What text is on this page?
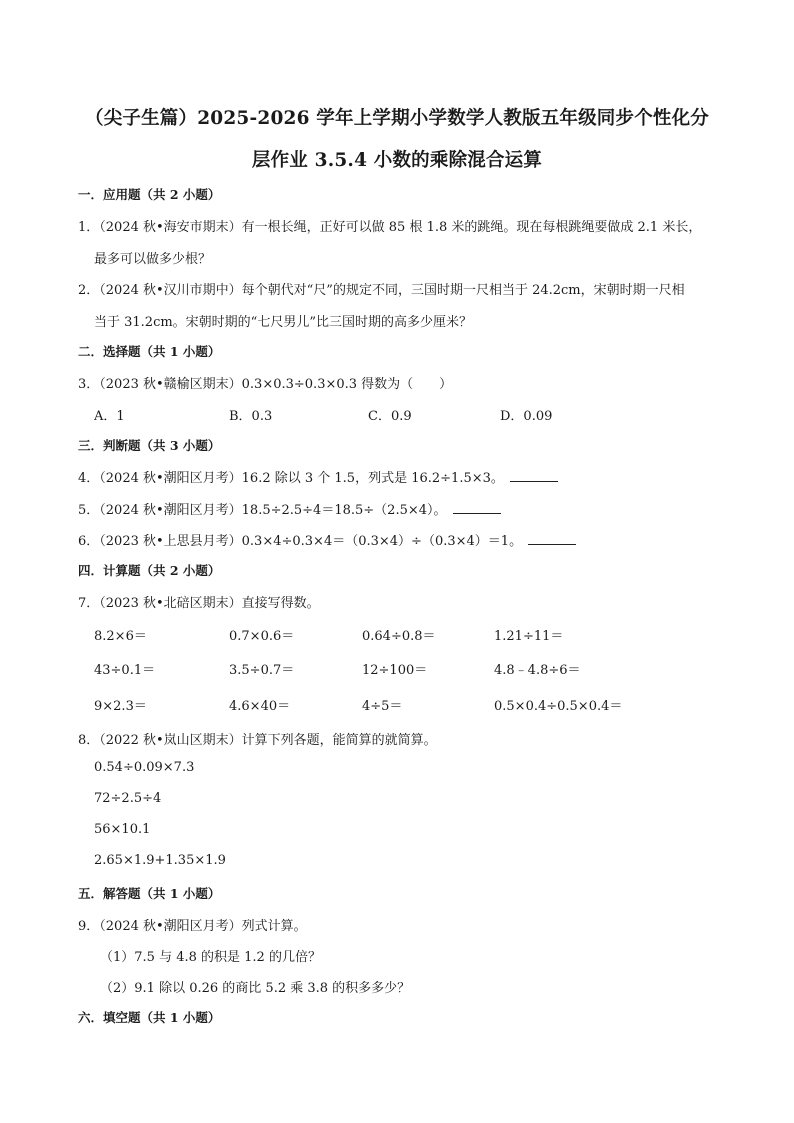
（尖子生篇）2025-2026 学年上学期小学数学人教版五年级同步个性化分
层作业 3.5.4 小数的乘除混合运算
一．应用题（共 2 小题）
1．（2024 秋•海安市期末）有一根长绳，正好可以做 85 根 1.8 米的跳绳。现在每根跳绳要做成 2.1 米长，
最多可以做多少根？
2．（2024 秋•汉川市期中）每个朝代对“尺”的规定不同，三国时期一尺相当于 24.2cm，宋朝时期一尺相
当于 31.2cm。宋朝时期的“七尺男儿”比三国时期的高多少厘米？
二．选择题（共 1 小题）
3．（2023 秋•赣榆区期末）0.3×0.3÷0.3×0.3 得数为（　　）
A．1	B．0.3	C．0.9	D．0.09
三．判断题（共 3 小题）
4．（2024 秋•潮阳区月考）16.2 除以 3 个 1.5，列式是 16.2÷1.5×3。
5．（2024 秋•潮阳区月考）18.5÷2.5÷4＝18.5÷（2.5×4）。
6．（2023 秋•上思县月考）0.3×4÷0.3×4＝（0.3×4）÷（0.3×4）＝1。
四．计算题（共 2 小题）
7．（2023 秋•北碚区期末）直接写得数。
8.2×6＝	0.7×0.6＝	0.64÷0.8＝	1.21÷11＝
43÷0.1＝	3.5÷0.7＝	12÷100＝	4.8﹣4.8÷6＝
9×2.3＝	4.6×40＝	4÷5＝	0.5×0.4÷0.5×0.4＝
8．（2022 秋•岚山区期末）计算下列各题，能简算的就简算。
0.54÷0.09×7.3
72÷2.5÷4
56×10.1
2.65×1.9+1.35×1.9
五．解答题（共 1 小题）
9．（2024 秋•潮阳区月考）列式计算。
（1）7.5 与 4.8 的积是 1.2 的几倍？
（2）9.1 除以 0.26 的商比 5.2 乘 3.8 的积多多少？
六．填空题（共 1 小题）
